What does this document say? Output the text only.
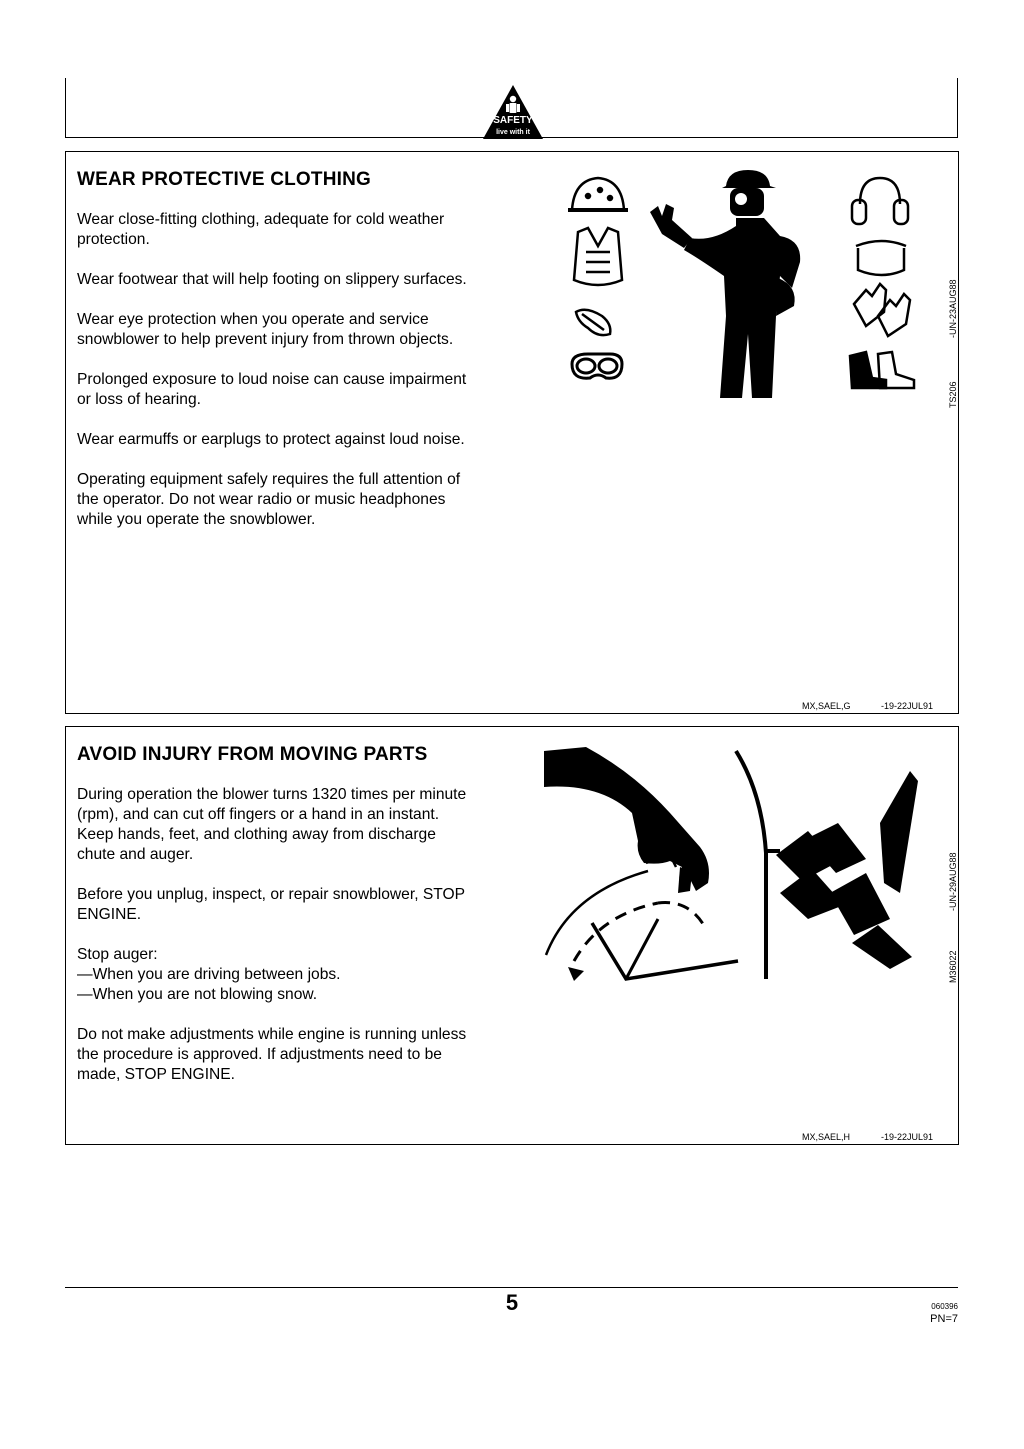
SAFETY
live with it
WEAR PROTECTIVE CLOTHING

Wear close-fitting clothing, adequate for cold weather
protection.

Wear footwear that will help footing on slippery surfaces.

Wear eye protection when you operate and service
snowblower to help prevent injury from thrown objects.

Prolonged exposure to loud noise can cause impairment
or loss of hearing.

Wear earmuffs or earplugs to protect against loud noise.

Operating equipment safely requires the full attention of
the operator. Do not wear radio or music headphones
while you operate the snowblower.

-UN-23AUG88
TS206
MX,SAEL,G	-19-22JUL91
AVOID INJURY FROM MOVING PARTS

During operation the blower turns 1320 times per minute
(rpm), and can cut off fingers or a hand in an instant.
Keep hands, feet, and clothing away from discharge
chute and auger.

Before you unplug, inspect, or repair snowblower, STOP
ENGINE.

Stop auger:
—When you are driving between jobs.
—When you are not blowing snow.

Do not make adjustments while engine is running unless
the procedure is approved. If adjustments need to be
made, STOP ENGINE.

-UN-29AUG88
M36022
MX,SAEL,H	-19-22JUL91
5	060396
PN=7
